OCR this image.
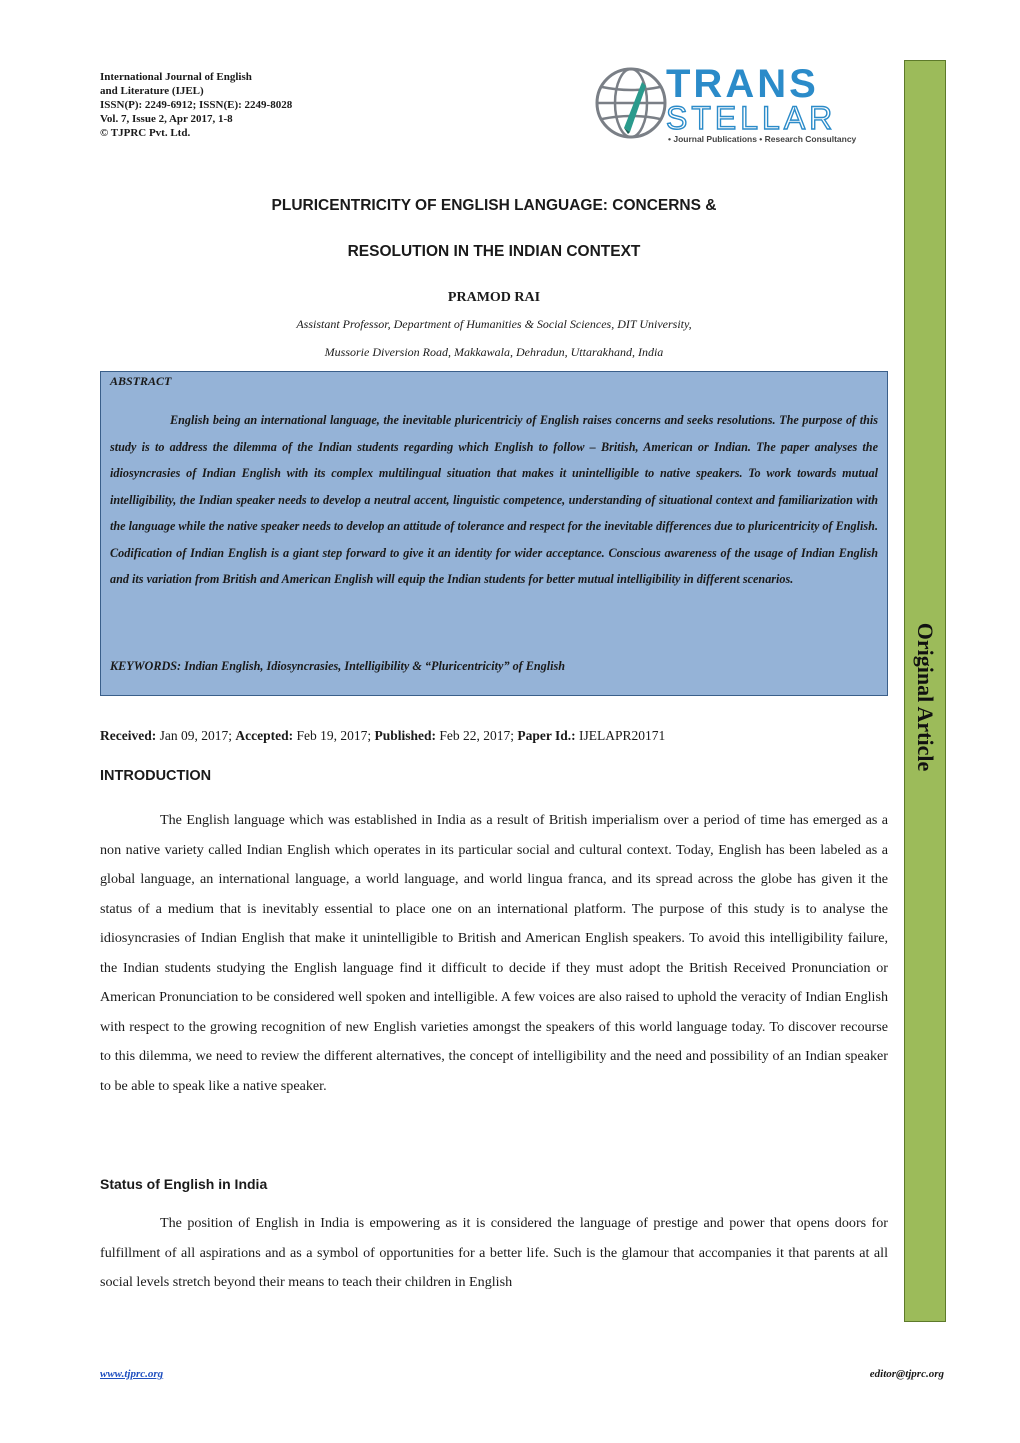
International Journal of English
and Literature (IJEL)
ISSN(P): 2249-6912; ISSN(E): 2249-8028
Vol. 7, Issue 2, Apr 2017, 1-8
© TJPRC Pvt. Ltd.
TRANS
STELLAR
• Journal Publications • Research Consultancy
Original Article
PLURICENTRICITY OF ENGLISH LANGUAGE: CONCERNS &
RESOLUTION IN THE INDIAN CONTEXT
PRAMOD RAI
Assistant Professor, Department of Humanities & Social Sciences, DIT University,
Mussorie Diversion Road, Makkawala, Dehradun, Uttarakhand, India
ABSTRACT
English being an international language, the inevitable pluricentriciy of English raises concerns and seeks resolutions. The purpose of this study is to address the dilemma of the Indian students regarding which English to follow – British, American or Indian. The paper analyses the idiosyncrasies of Indian English with its complex multilingual situation that makes it unintelligible to native speakers. To work towards mutual intelligibility, the Indian speaker needs to develop a neutral accent, linguistic competence, understanding of situational context and familiarization with the language while the native speaker needs to develop an attitude of tolerance and respect for the inevitable differences due to pluricentricity of English. Codification of Indian English is a giant step forward to give it an identity for wider acceptance. Conscious awareness of the usage of Indian English and its variation from British and American English will equip the Indian students for better mutual intelligibility in different scenarios.
KEYWORDS: Indian English, Idiosyncrasies, Intelligibility & “Pluricentricity” of English
Received: Jan 09, 2017; Accepted: Feb 19, 2017; Published: Feb 22, 2017; Paper Id.: IJELAPR20171
INTRODUCTION
The English language which was established in India as a result of British imperialism over a period of time has emerged as a non native variety called Indian English which operates in its particular social and cultural context. Today, English has been labeled as a global language, an international language, a world language, and world lingua franca, and its spread across the globe has given it the status of a medium that is inevitably essential to place one on an international platform. The purpose of this study is to analyse the idiosyncrasies of Indian English that make it unintelligible to British and American English speakers. To avoid this intelligibility failure, the Indian students studying the English language find it difficult to decide if they must adopt the British Received Pronunciation or American Pronunciation to be considered well spoken and intelligible. A few voices are also raised to uphold the veracity of Indian English with respect to the growing recognition of new English varieties amongst the speakers of this world language today. To discover recourse to this dilemma, we need to review the different alternatives, the concept of intelligibility and the need and possibility of an Indian speaker to be able to speak like a native speaker.
Status of English in India
The position of English in India is empowering as it is considered the language of prestige and power that opens doors for fulfillment of all aspirations and as a symbol of opportunities for a better life. Such is the glamour that accompanies it that parents at all social levels stretch beyond their means to teach their children in English
www.tjprc.org	editor@tjprc.org
